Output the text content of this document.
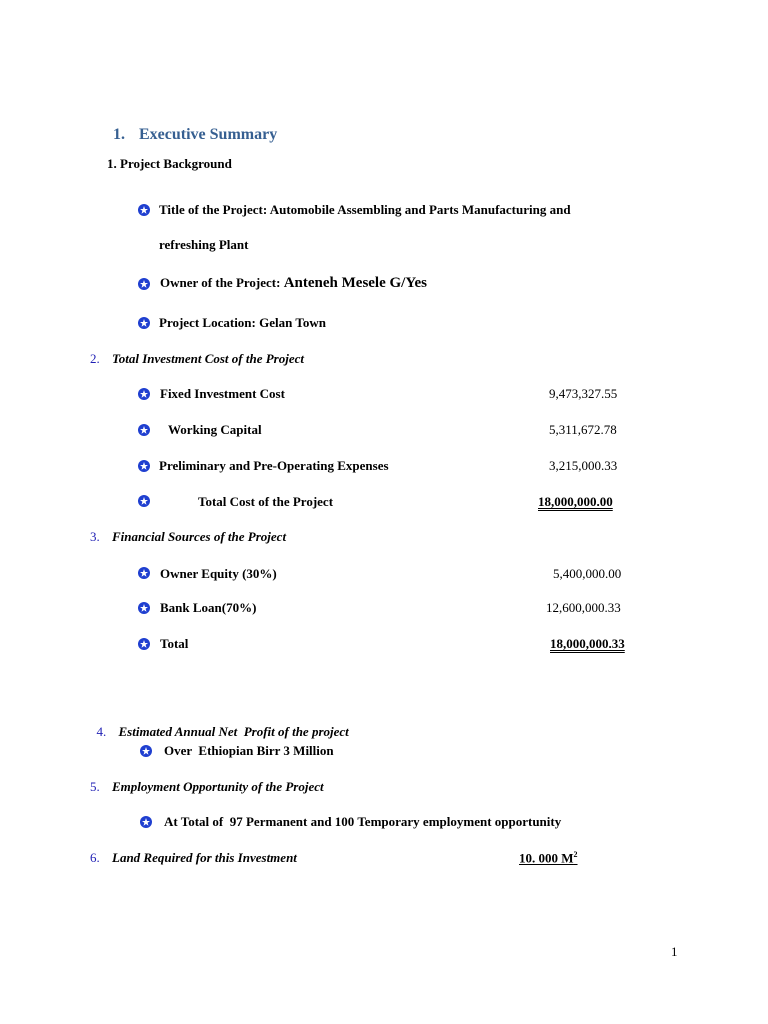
1. Executive Summary
1. Project Background
Title of the Project: Automobile Assembling and Parts Manufacturing and
refreshing Plant
Owner of the Project: Anteneh Mesele G/Yes
Project Location: Gelan Town
2. Total Investment Cost of the Project
Fixed Investment Cost	9,473,327.55
Working Capital	5,311,672.78
Preliminary and Pre-Operating Expenses	3,215,000.33
Total Cost of the Project	18,000,000.00
3. Financial Sources of the Project
Owner Equity (30%)	5,400,000.00
Bank Loan(70%)	12,600,000.33
Total	18,000,000.33

4. Estimated Annual Net  Profit of the project

Over  Ethiopian Birr 3 Million
5. Employment Opportunity of the Project
At Total of  97 Permanent and 100 Temporary employment opportunity
6. Land Required for this Investment	10. 000 $M^2$
1
